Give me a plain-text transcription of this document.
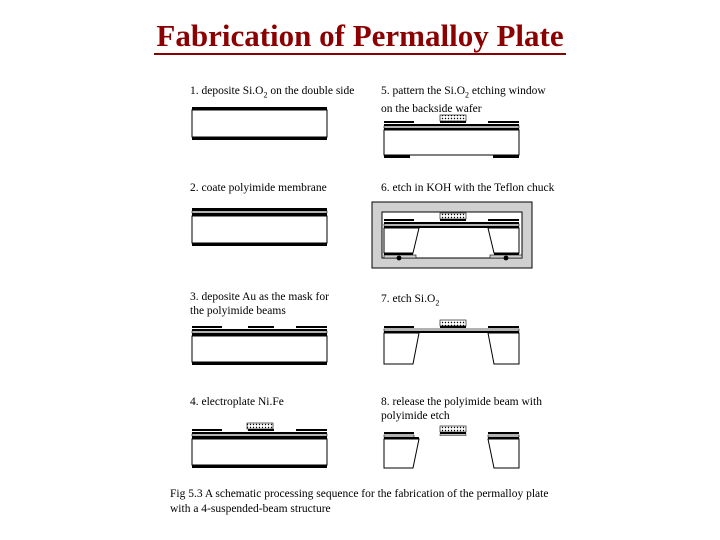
Fabrication of Permalloy Plate
1. deposite $Si.O_2$ on the double side
2. coate polyimide membrane
3. deposite Au as the mask for
the polyimide beams
4. electroplate Ni.Fe
5. pattern the $Si.O_2$ etching window
on the backside wafer
6. etch in KOH with the Teflon chuck
7. etch $Si.O_2$
8. release the polyimide beam with
polyimide etch
Fig 5.3 A schematic processing sequence for the fabrication of the permalloy plate
with a 4-suspended-beam structure
